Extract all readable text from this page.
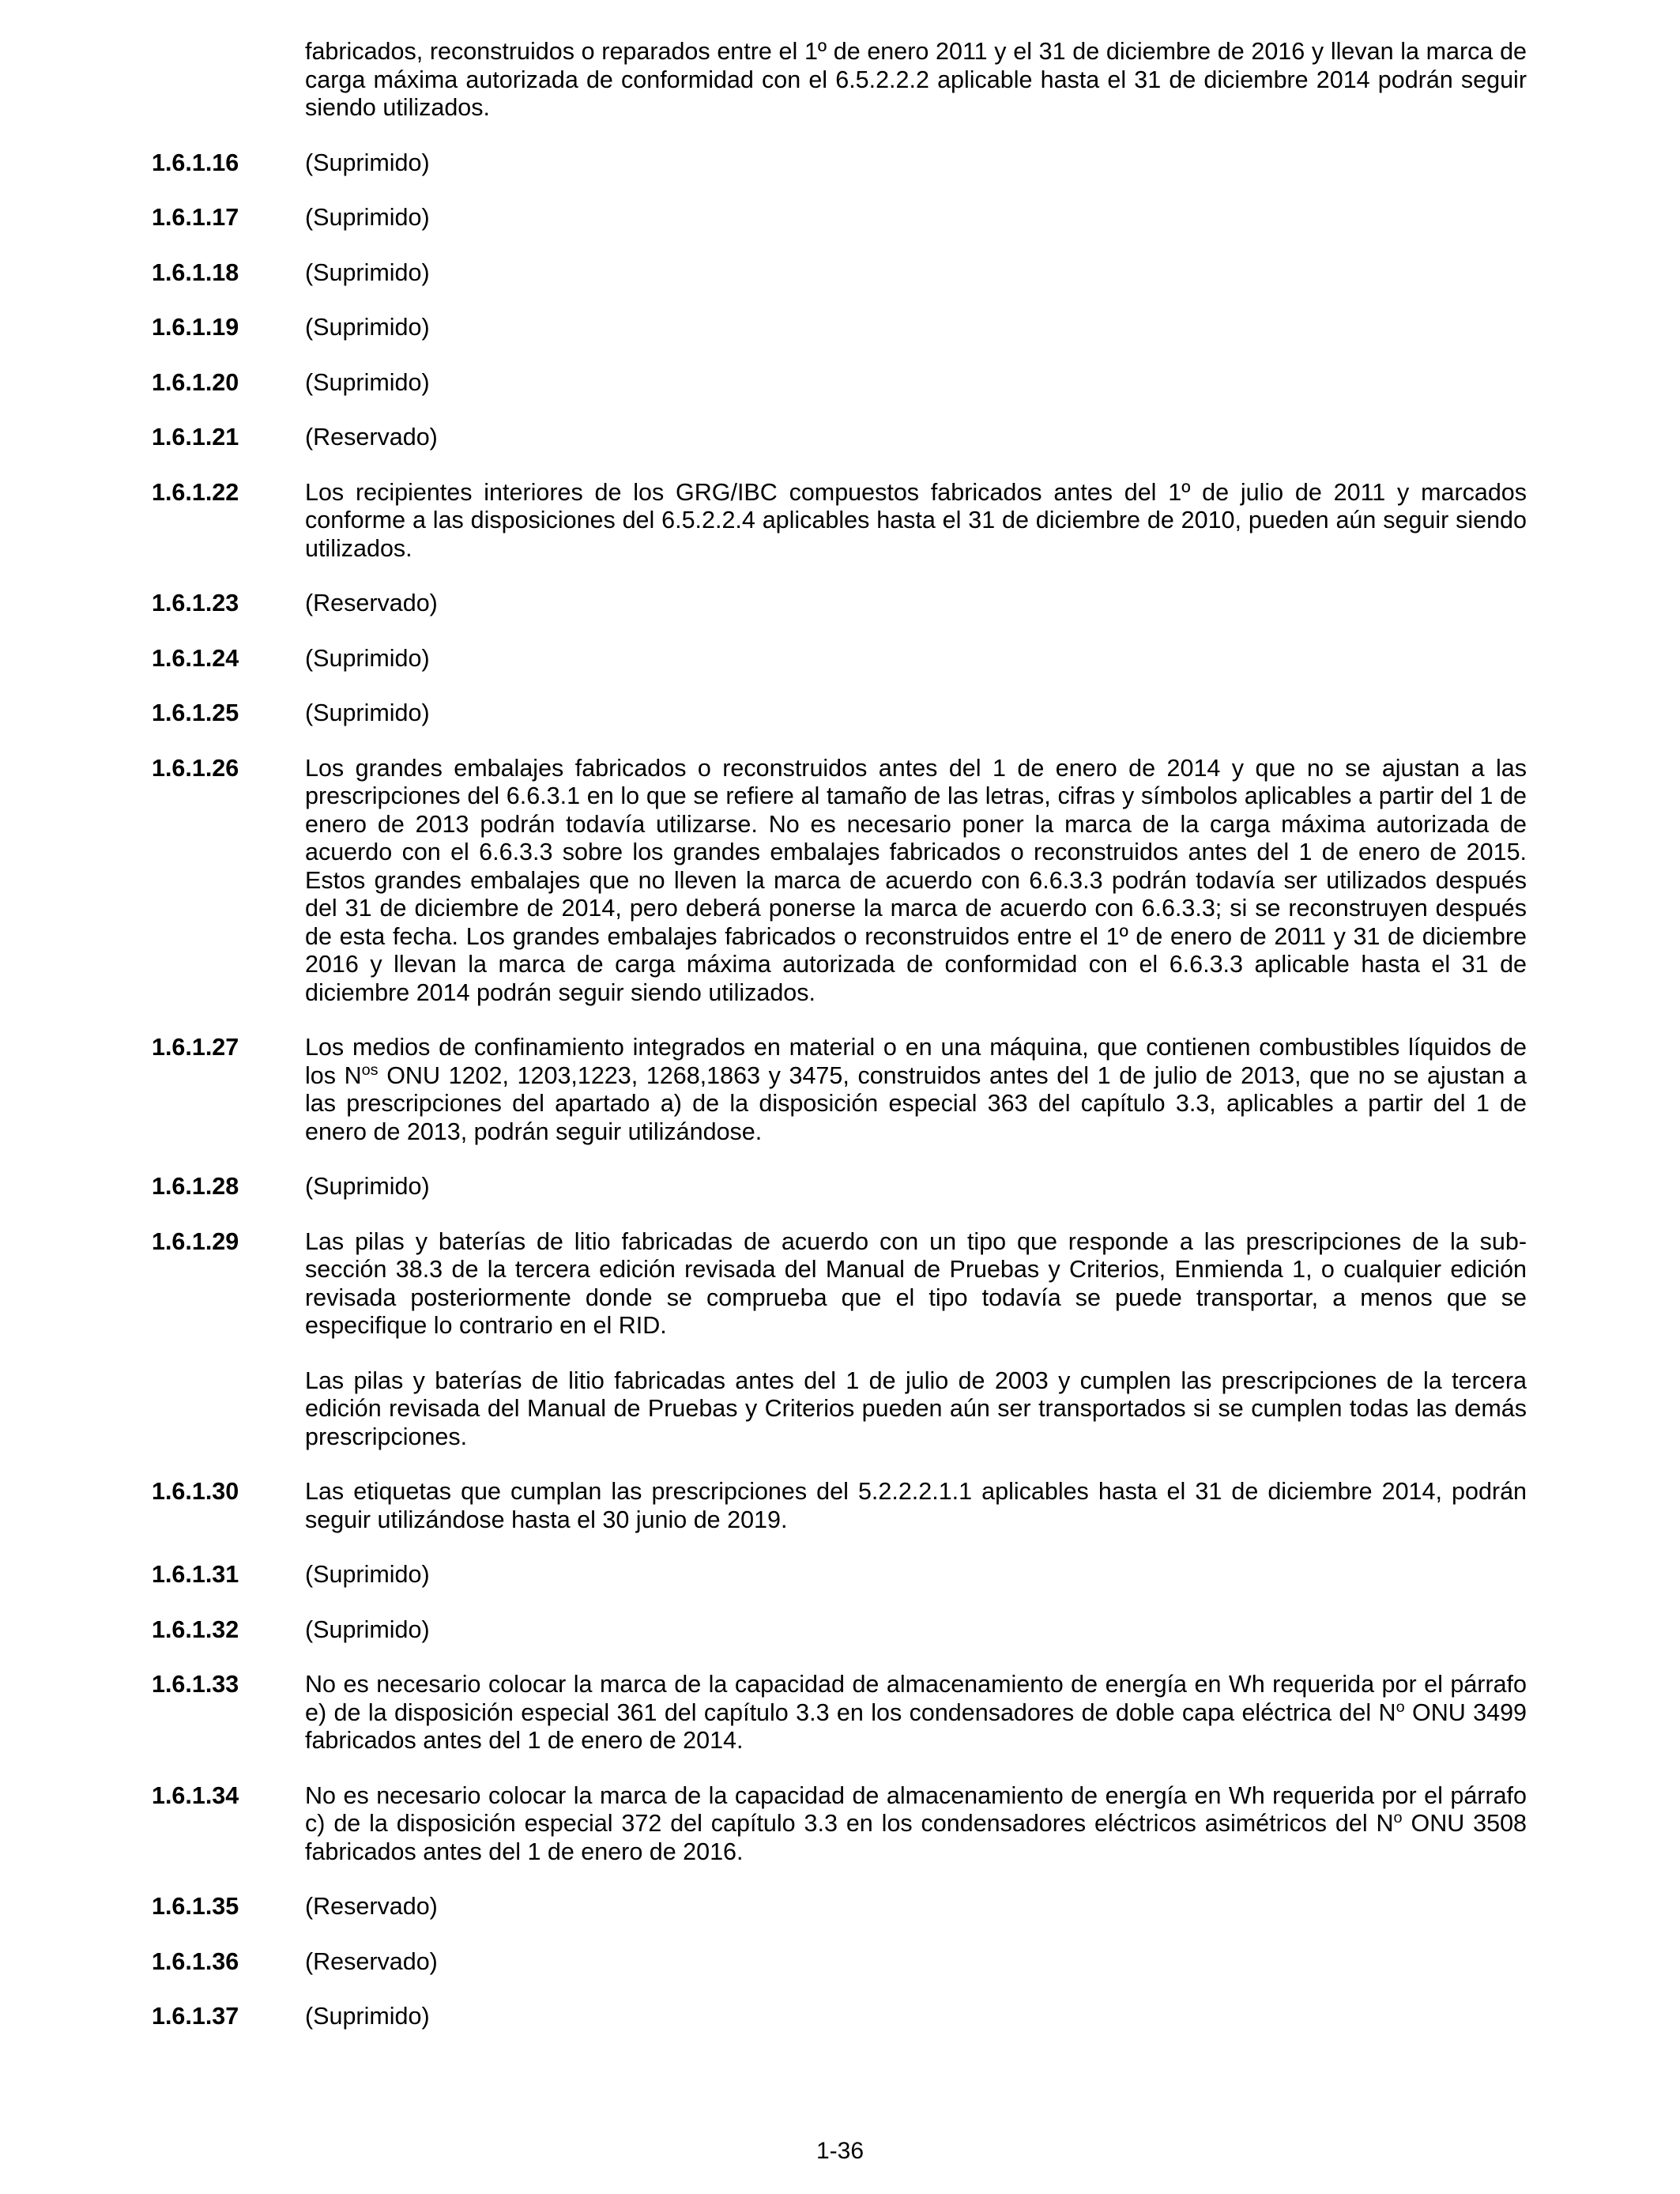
fabricados, reconstruidos o reparados entre el 1º de enero 2011 y el 31 de diciembre de 2016 y llevan la marca de carga máxima autorizada de conformidad con el 6.5.2.2.2 aplicable hasta el 31 de diciembre 2014 podrán seguir siendo utilizados.

1.6.1.16	(Suprimido)
1.6.1.17	(Suprimido)
1.6.1.18	(Suprimido)
1.6.1.19	(Suprimido)
1.6.1.20	(Suprimido)
1.6.1.21	(Reservado)
1.6.1.22	Los recipientes interiores de los GRG/IBC compuestos fabricados antes del 1º de julio de 2011 y marcados conforme a las disposiciones del 6.5.2.2.4 aplicables hasta el 31 de diciembre de 2010, pueden aún seguir siendo utilizados.
1.6.1.23	(Reservado)
1.6.1.24	(Suprimido)
1.6.1.25	(Suprimido)
1.6.1.26	Los grandes embalajes fabricados o reconstruidos antes del 1 de enero de 2014 y que no se ajustan a las prescripciones del 6.6.3.1 en lo que se refiere al tamaño de las letras, cifras y símbolos aplicables a partir del 1 de enero de 2013 podrán todavía utilizarse. No es necesario poner la marca de la carga máxima autorizada de acuerdo con el 6.6.3.3 sobre los grandes embalajes fabricados o reconstruidos antes del 1 de enero de 2015. Estos grandes embalajes que no lleven la marca de acuerdo con 6.6.3.3 podrán todavía ser utilizados después del 31 de diciembre de 2014, pero deberá ponerse la marca de acuerdo con 6.6.3.3; si se reconstruyen después de esta fecha. Los grandes embalajes fabricados o reconstruidos entre el 1º de enero de 2011 y 31 de diciembre 2016 y llevan la marca de carga máxima autorizada de conformidad con el 6.6.3.3 aplicable hasta el 31 de diciembre 2014 podrán seguir siendo utilizados.
1.6.1.27	Los medios de confinamiento integrados en material o en una máquina, que contienen combustibles líquidos de los $N^{os}$ ONU 1202, 1203,1223, 1268,1863 y 3475, construidos antes del 1 de julio de 2013, que no se ajustan a las prescripciones del apartado a) de la disposición especial 363 del capítulo 3.3, aplicables a partir del 1 de enero de 2013, podrán seguir utilizándose.
1.6.1.28	(Suprimido)
1.6.1.29	Las pilas y baterías de litio fabricadas de acuerdo con un tipo que responde a las prescripciones de la sub-sección 38.3 de la tercera edición revisada del Manual de Pruebas y Criterios, Enmienda 1, o cualquier edición revisada posteriormente donde se comprueba que el tipo todavía se puede transportar, a menos que se especifique lo contrario en el RID.
Las pilas y baterías de litio fabricadas antes del 1 de julio de 2003 y cumplen las prescripciones de la tercera edición revisada del Manual de Pruebas y Criterios pueden aún ser transportados si se cumplen todas las demás prescripciones.
1.6.1.30	Las etiquetas que cumplan las prescripciones del 5.2.2.2.1.1 aplicables hasta el 31 de diciembre 2014, podrán seguir utilizándose hasta el 30 junio de 2019.
1.6.1.31	(Suprimido)
1.6.1.32	(Suprimido)
1.6.1.33	No es necesario colocar la marca de la capacidad de almacenamiento de energía en Wh requerida por el párrafo e) de la disposición especial 361 del capítulo 3.3 en los condensadores de doble capa eléctrica del $N^o$ ONU 3499 fabricados antes del 1 de enero de 2014.
1.6.1.34	No es necesario colocar la marca de la capacidad de almacenamiento de energía en Wh requerida por el párrafo c) de la disposición especial 372 del capítulo 3.3 en los condensadores eléctricos asimétricos del $N^o$ ONU 3508 fabricados antes del 1 de enero de 2016.
1.6.1.35	(Reservado)
1.6.1.36	(Reservado)
1.6.1.37	(Suprimido)
1-36
